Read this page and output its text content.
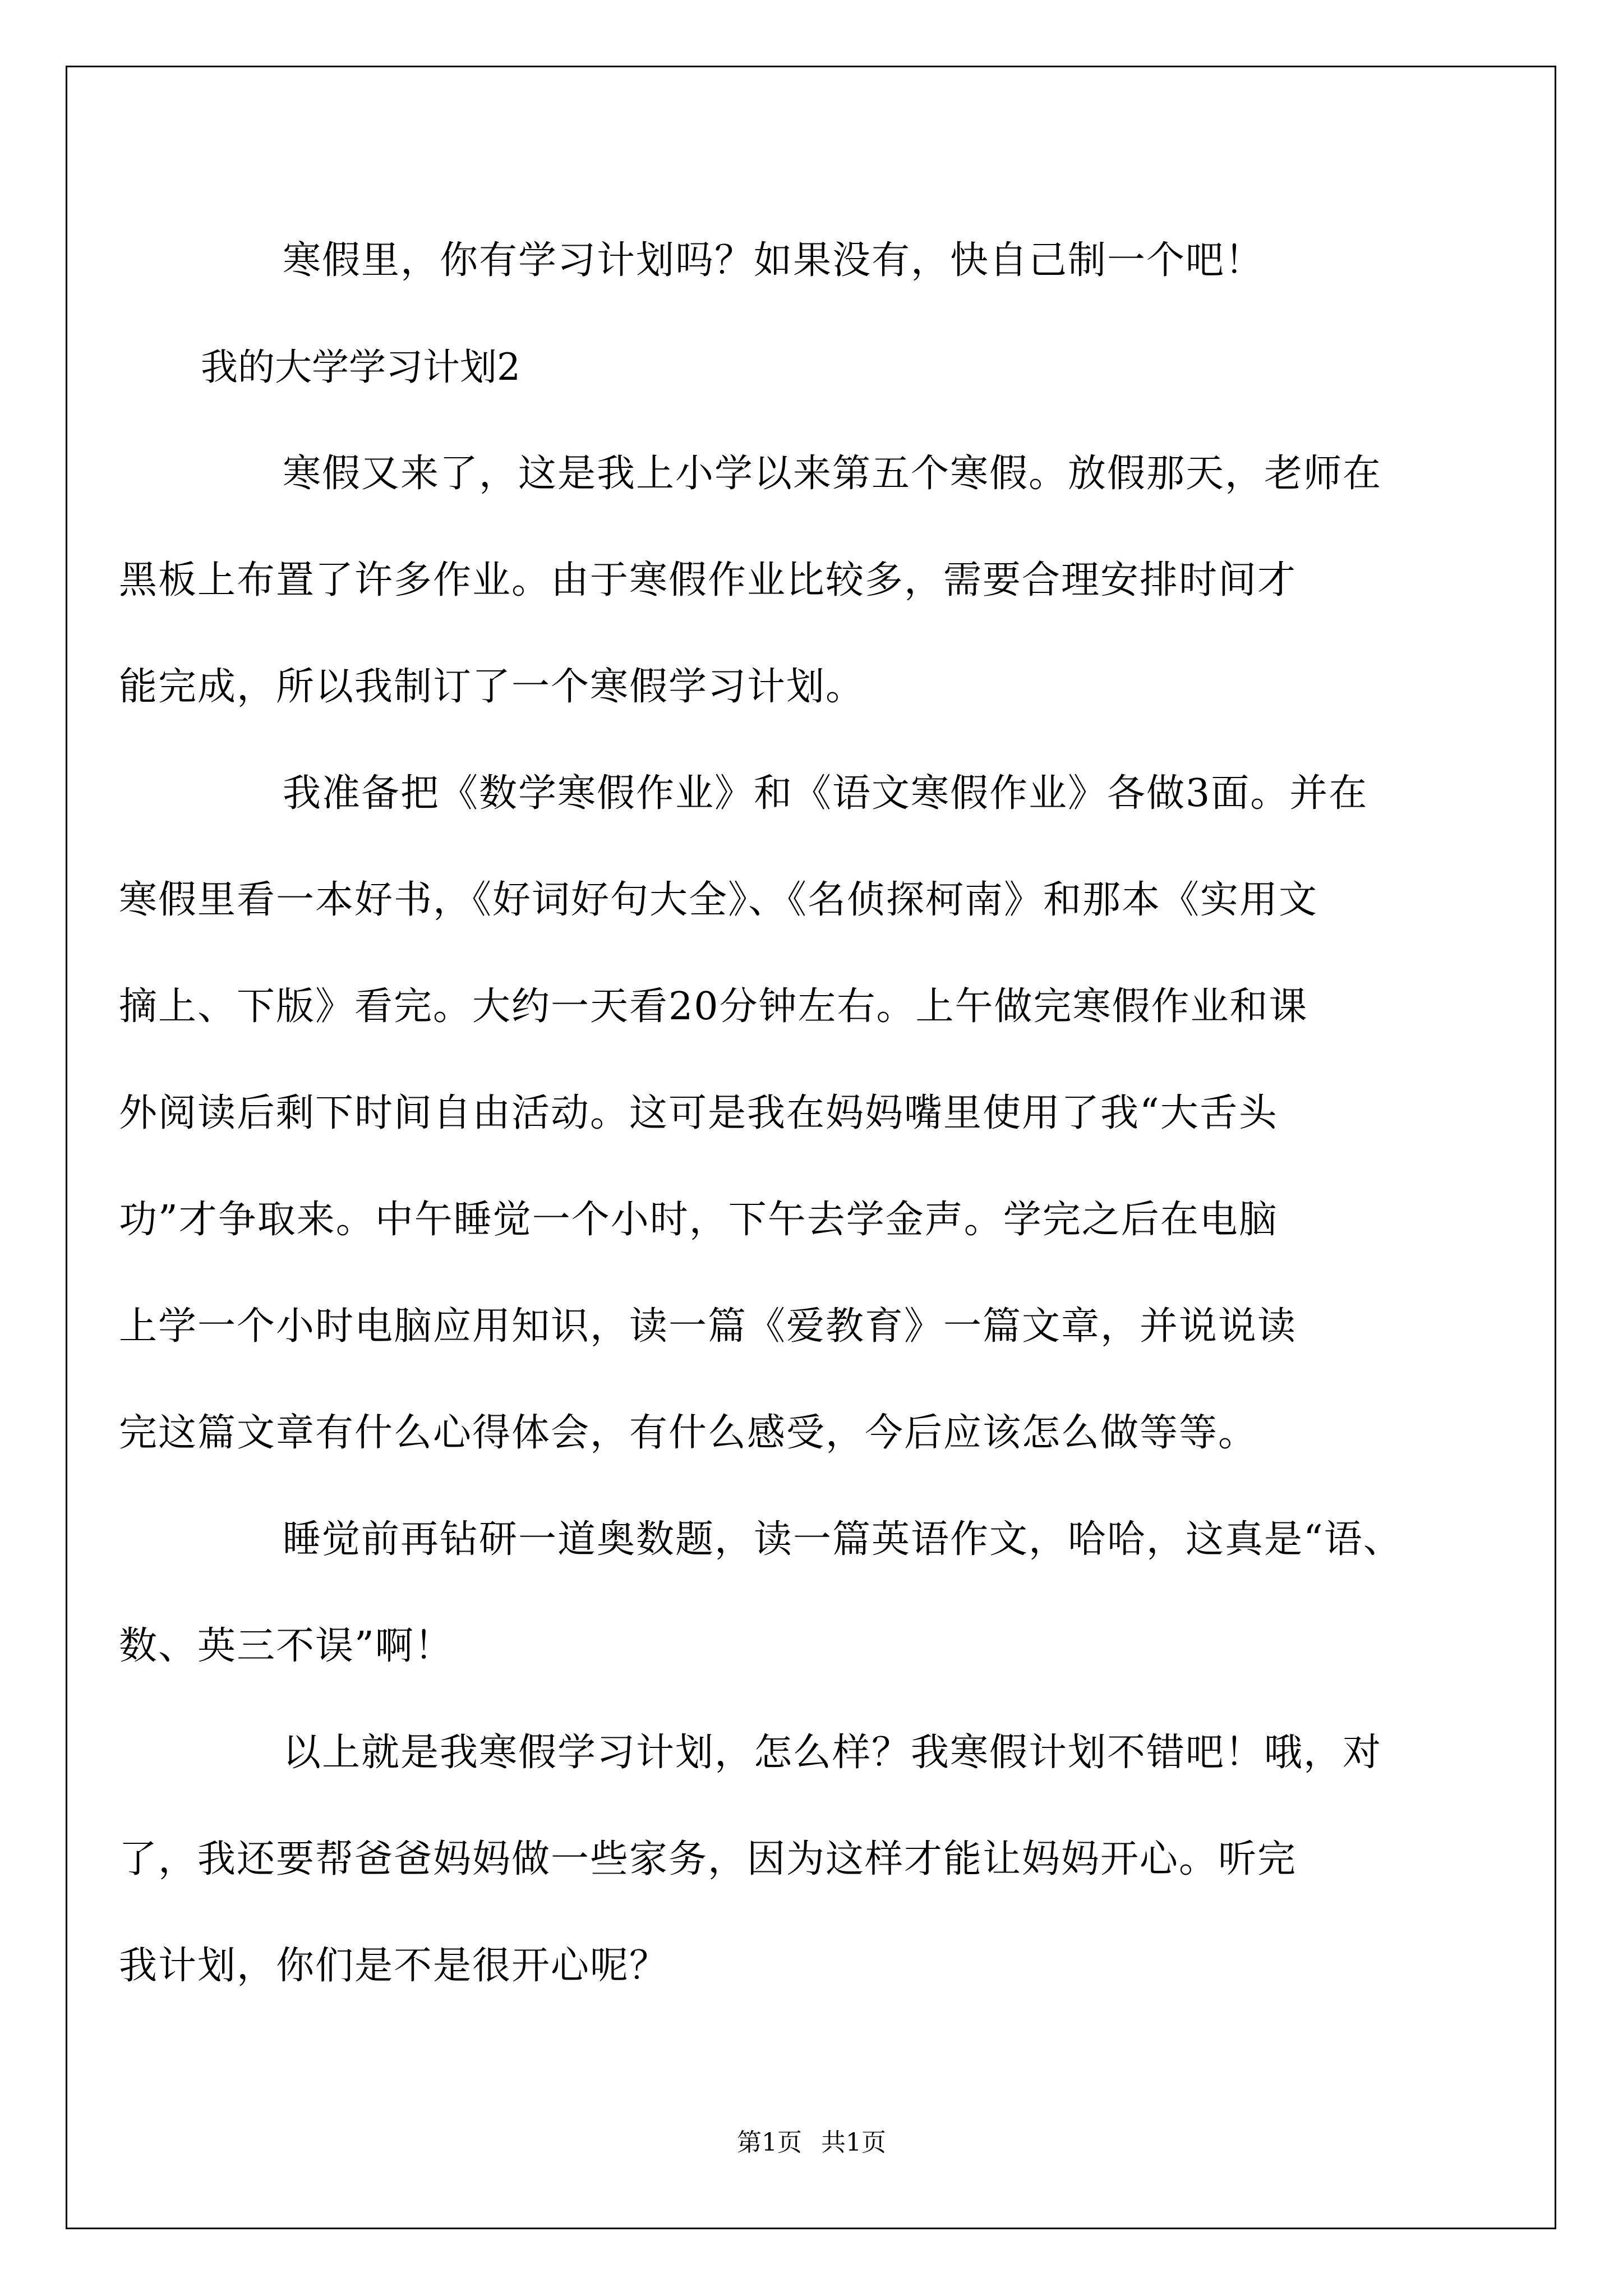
寒假里，你有学习计划吗？如果没有，快自己制一个吧！

我的大学学习计划2

寒假又来了，这是我上小学以来第五个寒假。放假那天，老师在
黑板上布置了许多作业。由于寒假作业比较多，需要合理安排时间才
能完成，所以我制订了一个寒假学习计划。

我准备把《数学寒假作业》和《语文寒假作业》各做3面。并在
寒假里看一本好书，《好词好句大全》、《名侦探柯南》和那本《实用文
摘上、下版》看完。大约一天看20分钟左右。上午做完寒假作业和课
外阅读后剩下时间自由活动。这可是我在妈妈嘴里使用了我“大舌头
功”才争取来。中午睡觉一个小时，下午去学金声。学完之后在电脑
上学一个小时电脑应用知识，读一篇《爱教育》一篇文章，并说说读
完这篇文章有什么心得体会，有什么感受，今后应该怎么做等等。

睡觉前再钻研一道奥数题，读一篇英语作文，哈哈，这真是“语、
数、英三不误”啊！

以上就是我寒假学习计划，怎么样？我寒假计划不错吧！哦，对
了，我还要帮爸爸妈妈做一些家务，因为这样才能让妈妈开心。听完
我计划，你们是不是很开心呢？

第1页 共1页
